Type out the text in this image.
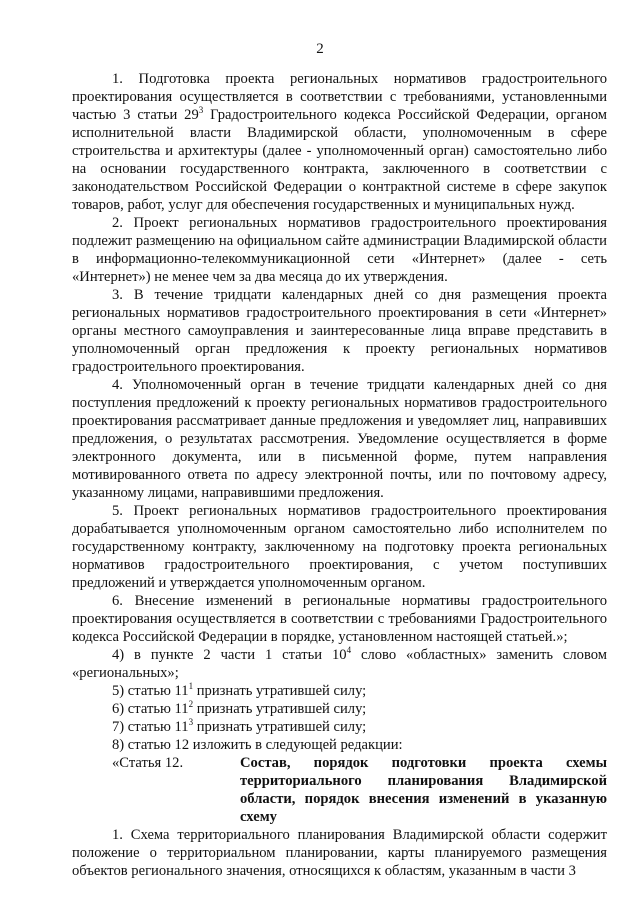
2

1. Подготовка проекта региональных нормативов градостроительного проектирования осуществляется в соответствии с требованиями, установленными частью 3 статьи $29^3$ Градостроительного кодекса Российской Федерации, органом исполнительной власти Владимирской области, уполномоченным в сфере строительства и архитектуры (далее - уполномоченный орган) самостоятельно либо на основании государственного контракта, заключенного в соответствии с законодательством Российской Федерации о контрактной системе в сфере закупок товаров, работ, услуг для обеспечения государственных и муниципальных нужд.

2. Проект региональных нормативов градостроительного проектирования подлежит размещению на официальном сайте администрации Владимирской области в информационно-телекоммуникационной сети «Интернет» (далее - сеть «Интернет») не менее чем за два месяца до их утверждения.

3. В течение тридцати календарных дней со дня размещения проекта региональных нормативов градостроительного проектирования в сети «Интернет» органы местного самоуправления и заинтересованные лица вправе представить в уполномоченный орган предложения к проекту региональных нормативов градостроительного проектирования.

4. Уполномоченный орган в течение тридцати календарных дней со дня поступления предложений к проекту региональных нормативов градостроительного проектирования рассматривает данные предложения и уведомляет лиц, направивших предложения, о результатах рассмотрения. Уведомление осуществляется в форме электронного документа, или в письменной форме, путем направления мотивированного ответа по адресу электронной почты, или по почтовому адресу, указанному лицами, направившими предложения.

5. Проект региональных нормативов градостроительного проектирования дорабатывается уполномоченным органом самостоятельно либо исполнителем по государственному контракту, заключенному на подготовку проекта региональных нормативов градостроительного проектирования, с учетом поступивших предложений и утверждается уполномоченным органом.

6. Внесение изменений в региональные нормативы градостроительного проектирования осуществляется в соответствии с требованиями Градостроительного кодекса Российской Федерации в порядке, установленном настоящей статьей.»;

4) в пункте 2 части 1 статьи $10^4$ слово «областных» заменить словом «региональных»;

5) статью $11^1$ признать утратившей силу;

6) статью $11^2$ признать утратившей силу;

7) статью $11^3$ признать утратившей силу;

8) статью 12 изложить в следующей редакции:

«Статья 12.	Состав, порядок подготовки проекта схемы территориального планирования Владимирской области, порядок внесения изменений в указанную схему

1. Схема территориального планирования Владимирской области содержит положение о территориальном планировании, карты планируемого размещения объектов регионального значения, относящихся к областям, указанным в части 3
